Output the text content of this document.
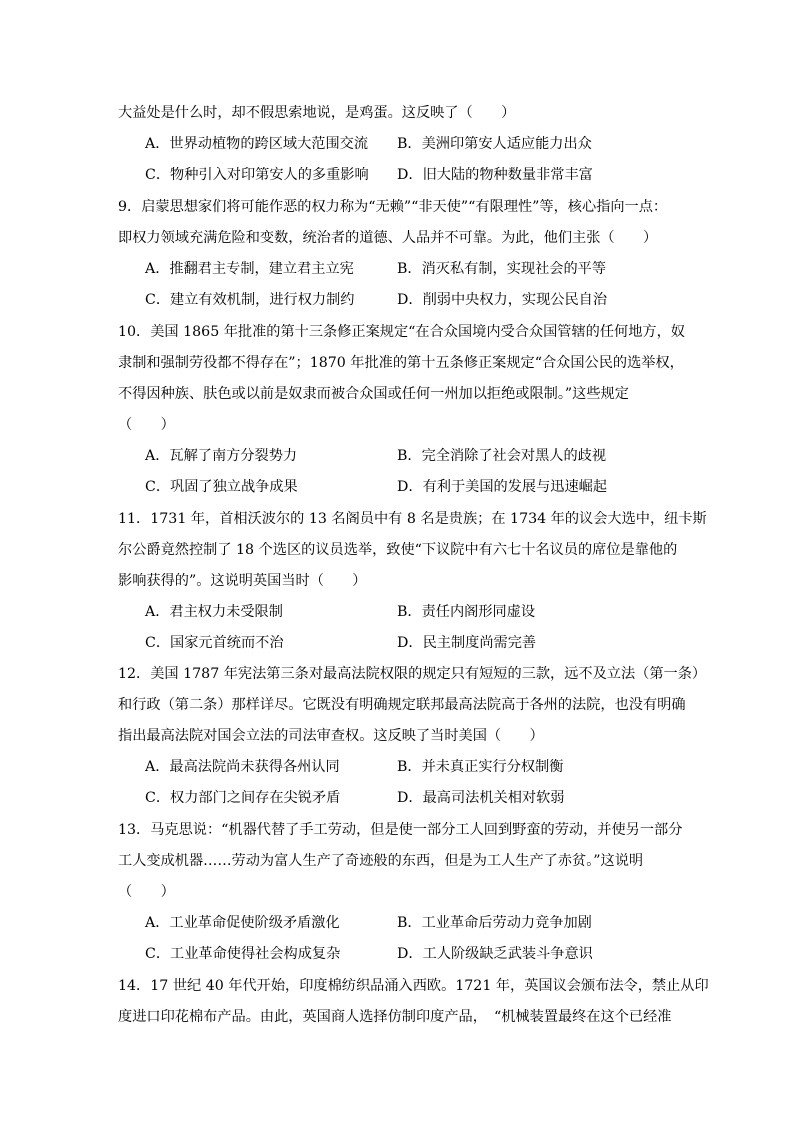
大益处是什么时，却不假思索地说，是鸡蛋。这反映了（　　）
A．世界动植物的跨区域大范围交流 B．美洲印第安人适应能力出众
C．物种引入对印第安人的多重影响 D．旧大陆的物种数量非常丰富
9．启蒙思想家们将可能作恶的权力称为“无赖”“非天使”“有限理性”等，核心指向一点：
即权力领域充满危险和变数，统治者的道德、人品并不可靠。为此，他们主张（　　）
A．推翻君主专制，建立君主立宪	B．消灭私有制，实现社会的平等
C．建立有效机制，进行权力制约	D．削弱中央权力，实现公民自治
10．美国 1865 年批准的第十三条修正案规定“在合众国境内受合众国管辖的任何地方，奴
隶制和强制劳役都不得存在”；1870 年批准的第十五条修正案规定“合众国公民的选举权，
不得因种族、肤色或以前是奴隶而被合众国或任何一州加以拒绝或限制。”这些规定
（　　）
A．瓦解了南方分裂势力	B．完全消除了社会对黑人的歧视
C．巩固了独立战争成果	D．有利于美国的发展与迅速崛起
11．1731 年，首相沃波尔的 13 名阁员中有 8 名是贵族；在 1734 年的议会大选中，纽卡斯
尔公爵竟然控制了 18 个选区的议员选举，致使“下议院中有六七十名议员的席位是靠他的
影响获得的”。这说明英国当时（　　）
A．君主权力未受限制	B．责任内阁形同虚设
C．国家元首统而不治	D．民主制度尚需完善
12．美国 1787 年宪法第三条对最高法院权限的规定只有短短的三款，远不及立法（第一条）
和行政（第二条）那样详尽。它既没有明确规定联邦最高法院高于各州的法院，也没有明确
指出最高法院对国会立法的司法审查权。这反映了当时美国（　　）
A．最高法院尚未获得各州认同	B．并未真正实行分权制衡
C．权力部门之间存在尖锐矛盾	D．最高司法机关相对软弱
13．马克思说：“机器代替了手工劳动，但是使一部分工人回到野蛮的劳动，并使另一部分
工人变成机器……劳动为富人生产了奇迹般的东西，但是为工人生产了赤贫。”这说明
（　　）
A．工业革命促使阶级矛盾激化	B．工业革命后劳动力竞争加剧
C．工业革命使得社会构成复杂	D．工人阶级缺乏武装斗争意识
14．17 世纪 40 年代开始，印度棉纺织品涌入西欧。1721 年，英国议会颁布法令，禁止从印
度进口印花棉布产品。由此，英国商人选择仿制印度产品，　“机械装置最终在这个已经准
